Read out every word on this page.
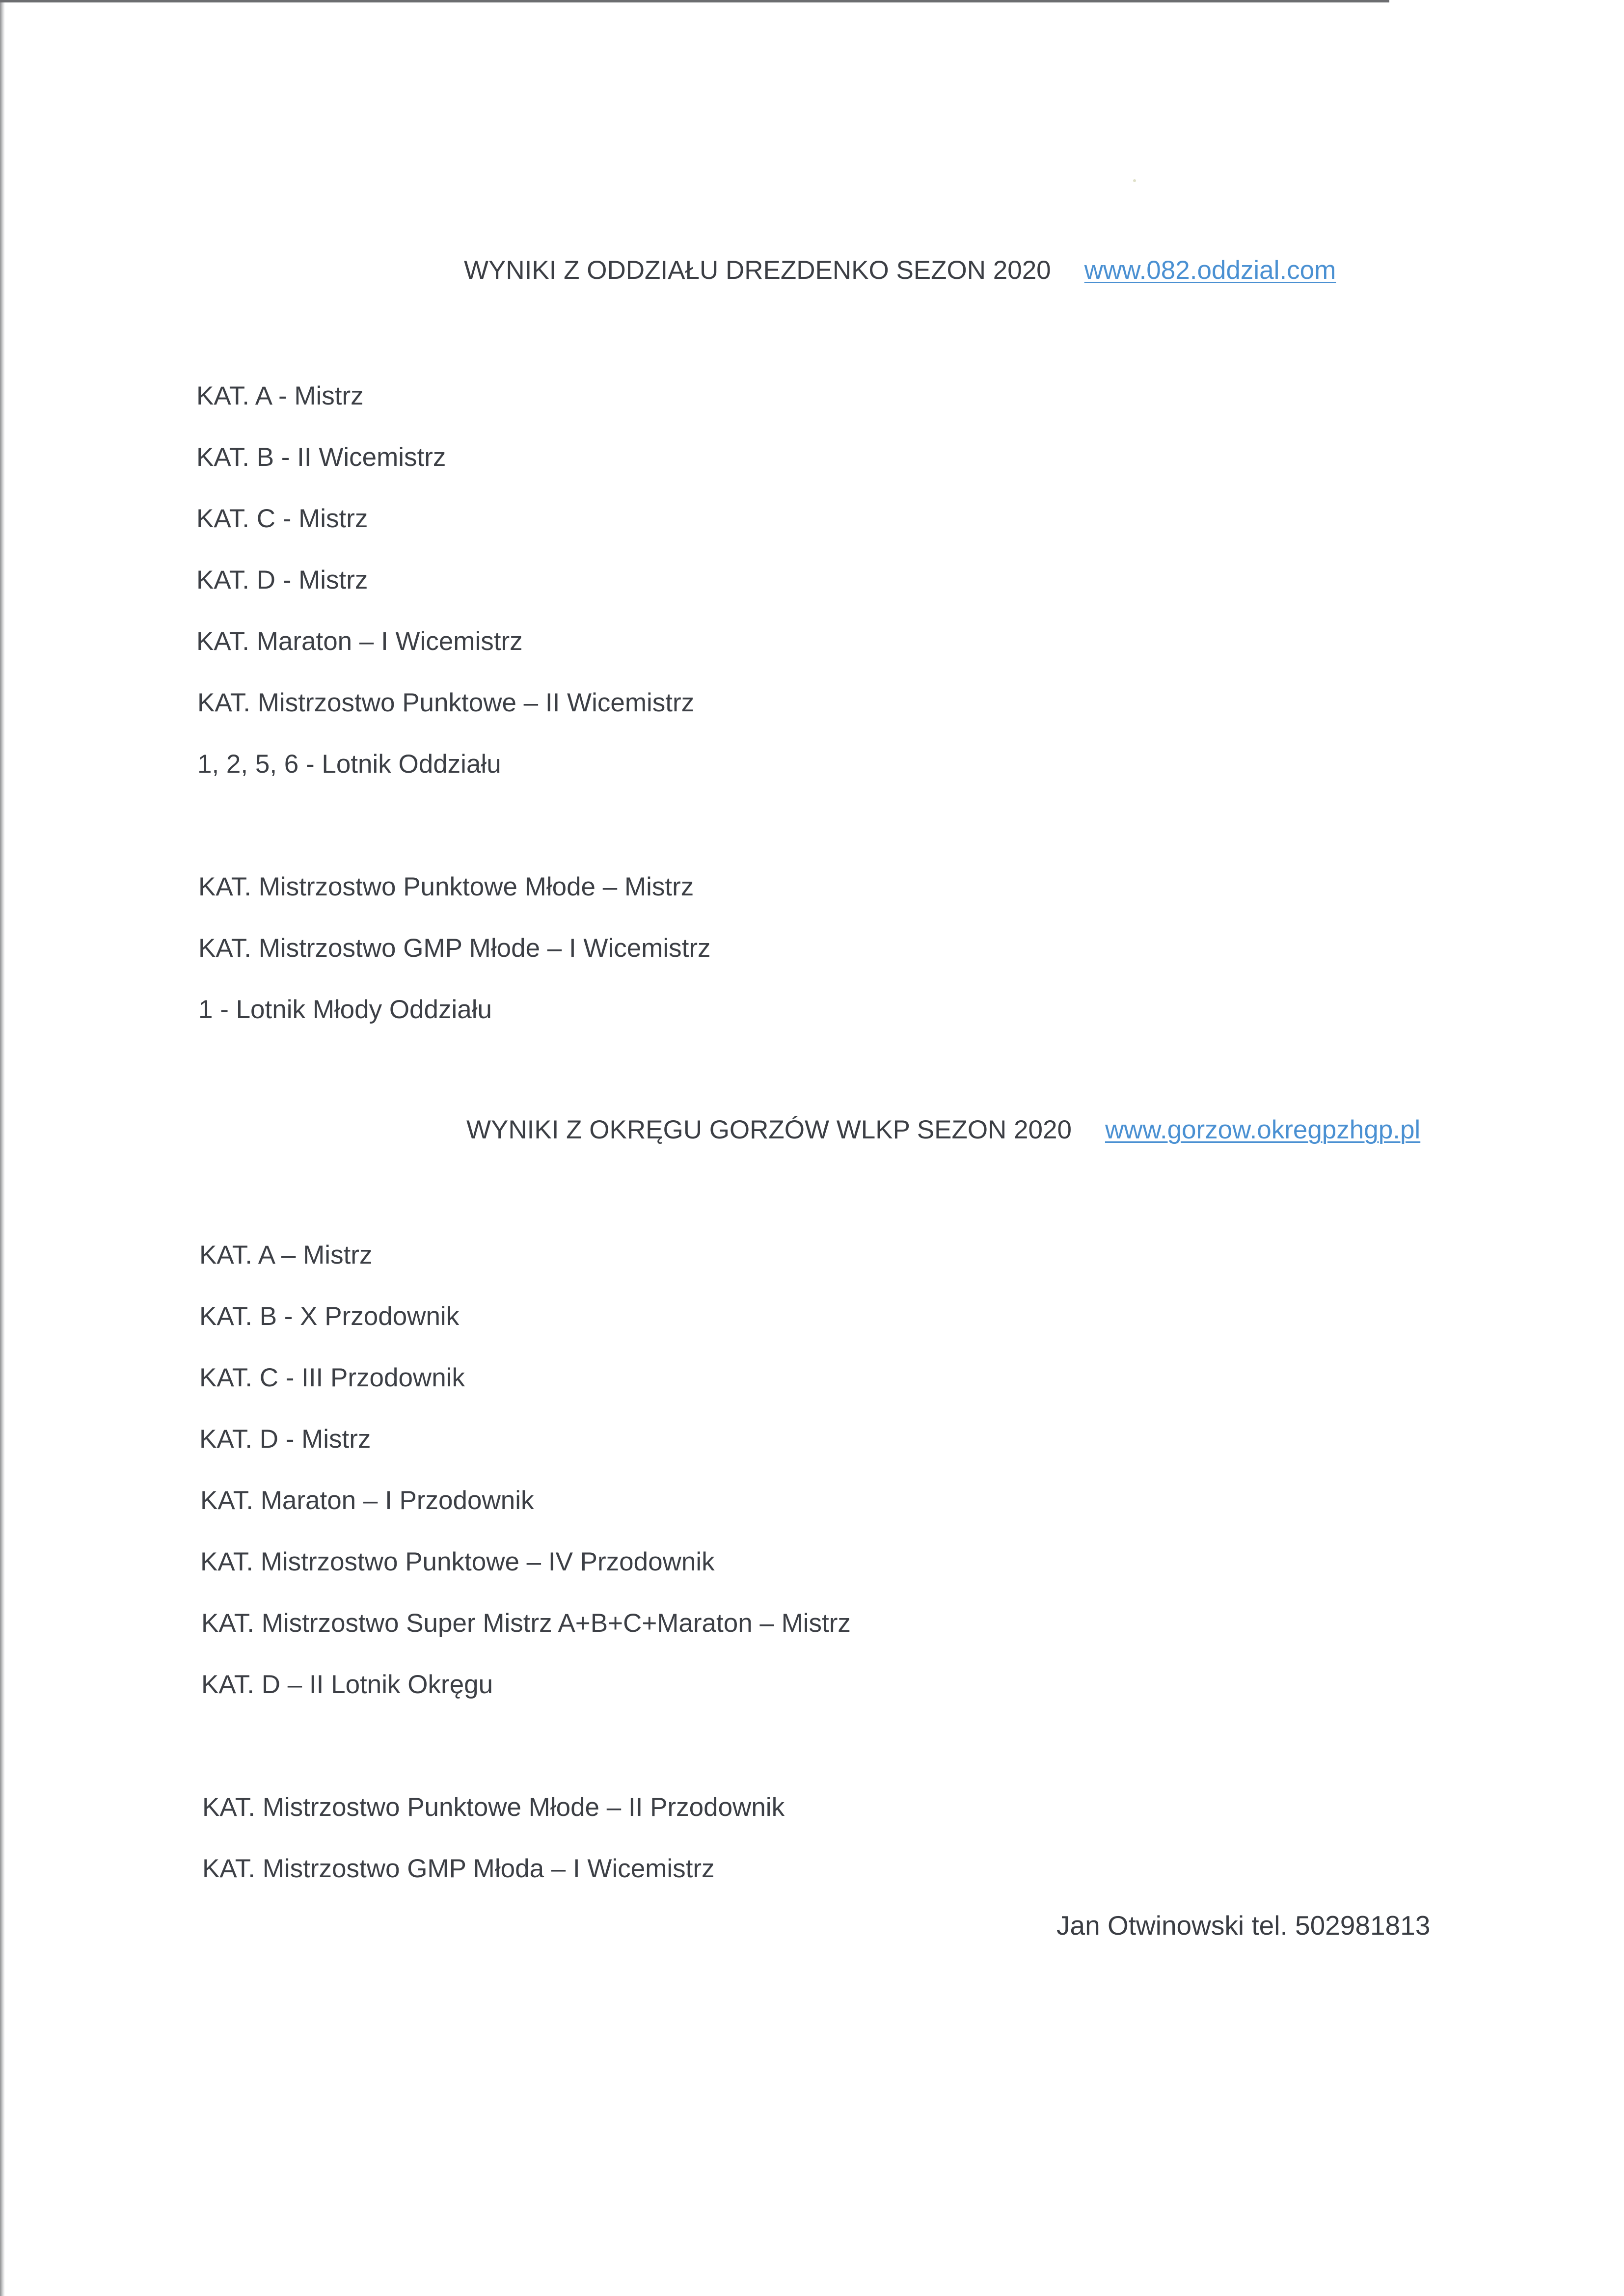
WYNIKI Z ODDZIAŁU DREZDENKO SEZON 2020 www.082.oddzial.com
KAT. A - Mistrz
KAT. B - II Wicemistrz
KAT. C - Mistrz
KAT. D - Mistrz
KAT. Maraton – I Wicemistrz
KAT. Mistrzostwo Punktowe – II Wicemistrz
1, 2, 5, 6 - Lotnik Oddziału
KAT. Mistrzostwo Punktowe Młode – Mistrz
KAT. Mistrzostwo GMP Młode – I Wicemistrz
1 - Lotnik Młody Oddziału
WYNIKI Z OKRĘGU GORZÓW WLKP SEZON 2020 www.gorzow.okregpzhgp.pl
KAT. A – Mistrz
KAT. B - X Przodownik
KAT. C - III Przodownik
KAT. D - Mistrz
KAT. Maraton – I Przodownik
KAT. Mistrzostwo Punktowe – IV Przodownik
KAT. Mistrzostwo Super Mistrz A+B+C+Maraton – Mistrz
KAT. D – II Lotnik Okręgu
KAT. Mistrzostwo Punktowe Młode – II Przodownik
KAT. Mistrzostwo GMP Młoda – I Wicemistrz
Jan Otwinowski tel. 502981813
